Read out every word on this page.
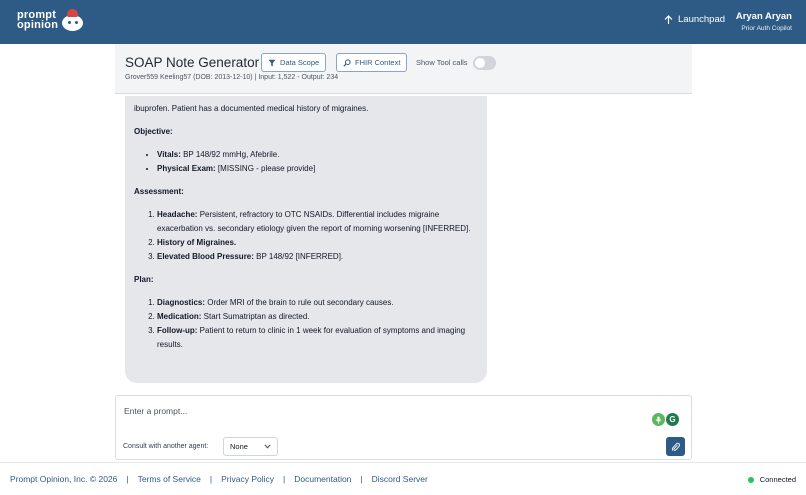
prompt
opinion	Launchpad Aryan Aryan
Prior Auth Copilot
SOAP Note Generator	Data Scope	FHIR Context Show Tool calls
Grover559 Keeling57 (DOB: 2013-12-10) | Input: 1,522 - Output: 234

ibuprofen. Patient has a documented medical history of migraines.

Objective:

• Vitals: BP 148/92 mmHg, Afebrile.
• Physical Exam: [MISSING - please provide]

Assessment:

1. Headache: Persistent, refractory to OTC NSAIDs. Differential includes migraine exacerbation vs. secondary etiology given the report of morning worsening [INFERRED].
2. History of Migraines.
3. Elevated Blood Pressure: BP 148/92 [INFERRED].

Plan:

1. Diagnostics: Order MRI of the brain to rule out secondary causes.
2. Medication: Start Sumatriptan as directed.
3. Follow-up: Patient to return to clinic in 1 week for evaluation of symptoms and imaging results.
Enter a prompt...
G
Consult with another agent:	None
Prompt Opinion, Inc. © 2026 | Terms of Service | Privacy Policy | Documentation | Discord Server	Connected
